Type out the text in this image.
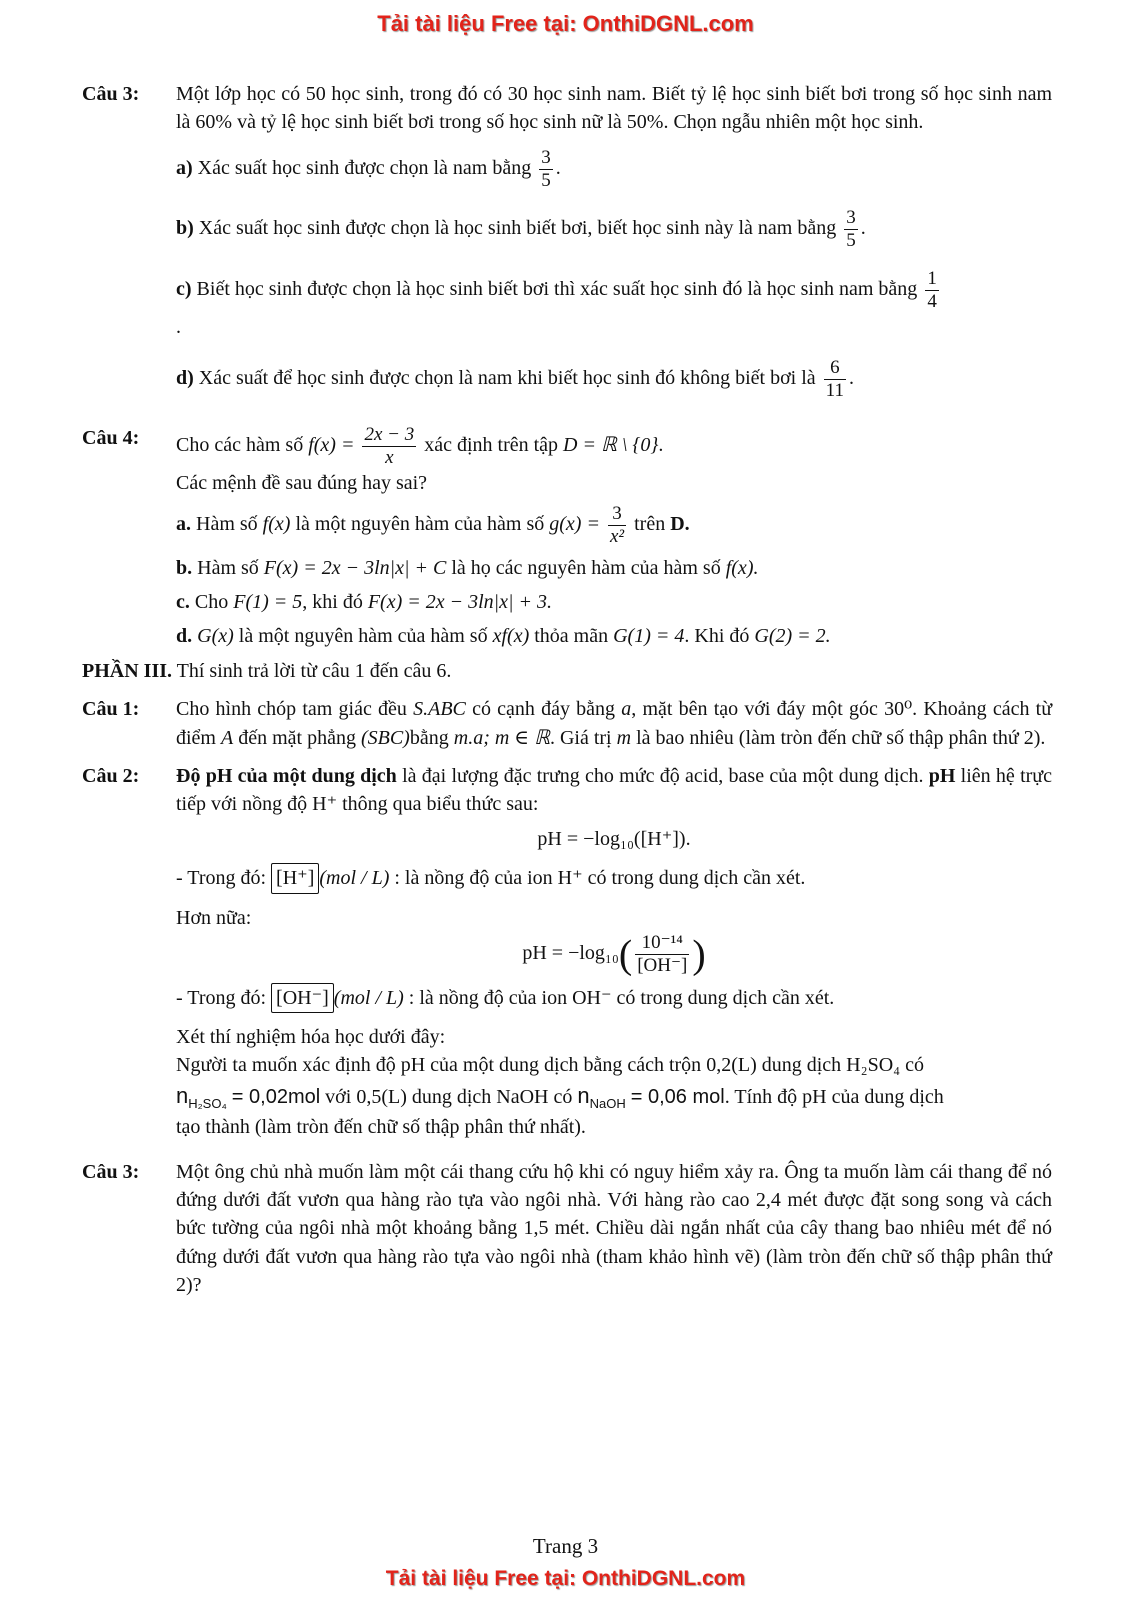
Tải tài liệu Free tại: OnthiDGNL.com
Câu 3:	Một lớp học có 50 học sinh, trong đó có 30 học sinh nam. Biết tỷ lệ học sinh biết bơi trong số học sinh nam là 60% và tỷ lệ học sinh biết bơi trong số học sinh nữ là 50%. Chọn ngẫu nhiên một học sinh.
a) Xác suất học sinh được chọn là nam bằng $\frac{3}{5}$ .
b) Xác suất học sinh được chọn là học sinh biết bơi, biết học sinh này là nam bằng $\frac{3}{5}$ .
c) Biết học sinh được chọn là học sinh biết bơi thì xác suất học sinh đó là học sinh nam bằng $\frac{1}{4}$

.
d) Xác suất để học sinh được chọn là nam khi biết học sinh đó không biết bơi là $\frac{6}{11}$ .
Câu 4:	Cho các hàm số $f(x) = \frac{2x - 3}{x}$ xác định trên tập D = ℝ \ {0}.
Các mệnh đề sau đúng hay sai?
a. Hàm số f(x) là một nguyên hàm của hàm số $g(x) = \frac{3}{\text{x²}}$ trên D.
b. Hàm số F(x) = 2x − 3ln|x| + C là họ các nguyên hàm của hàm số f(x).
c. Cho F(1) = 5, khi đó F(x) = 2x − 3ln|x| + 3.
d. G(x) là một nguyên hàm của hàm số xf(x) thỏa mãn G(1) = 4. Khi đó G(2) = 2.
PHẦN III. Thí sinh trả lời từ câu 1 đến câu 6.
Câu 1:	Cho hình chóp tam giác đều S.ABC có cạnh đáy bằng a, mặt bên tạo với đáy một góc 30⁰. Khoảng cách từ điểm A đến mặt phẳng (SBC)bằng m.a; m ∈ ℝ. Giá trị m là bao nhiêu (làm tròn đến chữ số thập phân thứ 2).
Câu 2:	Độ pH của một dung dịch là đại lượng đặc trưng cho mức độ acid, base của một dung dịch. pH liên hệ trực tiếp với nồng độ H⁺ thông qua biểu thức sau:
pH = −log₁₀([H⁺]).
- Trong đó: [H⁺] (mol / L) : là nồng độ của ion H⁺ có trong dung dịch cần xét.
Hơn nữa:
pH = $-\log_{10}( \frac{\text{10⁻¹⁴}}{[OH^-]}$ )
- Trong đó: [OH⁻] (mol / L) : là nồng độ của ion OH⁻ có trong dung dịch cần xét.
Xét thí nghiệm hóa học dưới đây:
Người ta muốn xác định độ pH của một dung dịch bằng cách trộn 0,2(L) dung dịch H₂SO₄ có
$n_{H_2SO_4} = 0,02mol$ với 0,5(L) dung dịch NaOH có $n_{NaOH} = 0,06$ mol. Tính độ pH của dung dịch
tạo thành (làm tròn đến chữ số thập phân thứ nhất).
Câu 3:	Một ông chủ nhà muốn làm một cái thang cứu hộ khi có nguy hiểm xảy ra. Ông ta muốn làm cái thang để nó đứng dưới đất vươn qua hàng rào tựa vào ngôi nhà. Với hàng rào cao 2,4 mét được đặt song song và cách bức tường của ngôi nhà một khoảng bằng 1,5 mét. Chiều dài ngắn nhất của cây thang bao nhiêu mét để nó đứng dưới đất vươn qua hàng rào tựa vào ngôi nhà (tham khảo hình vẽ) (làm tròn đến chữ số thập phân thứ 2)?
Trang 3
Tải tài liệu Free tại: OnthiDGNL.com
